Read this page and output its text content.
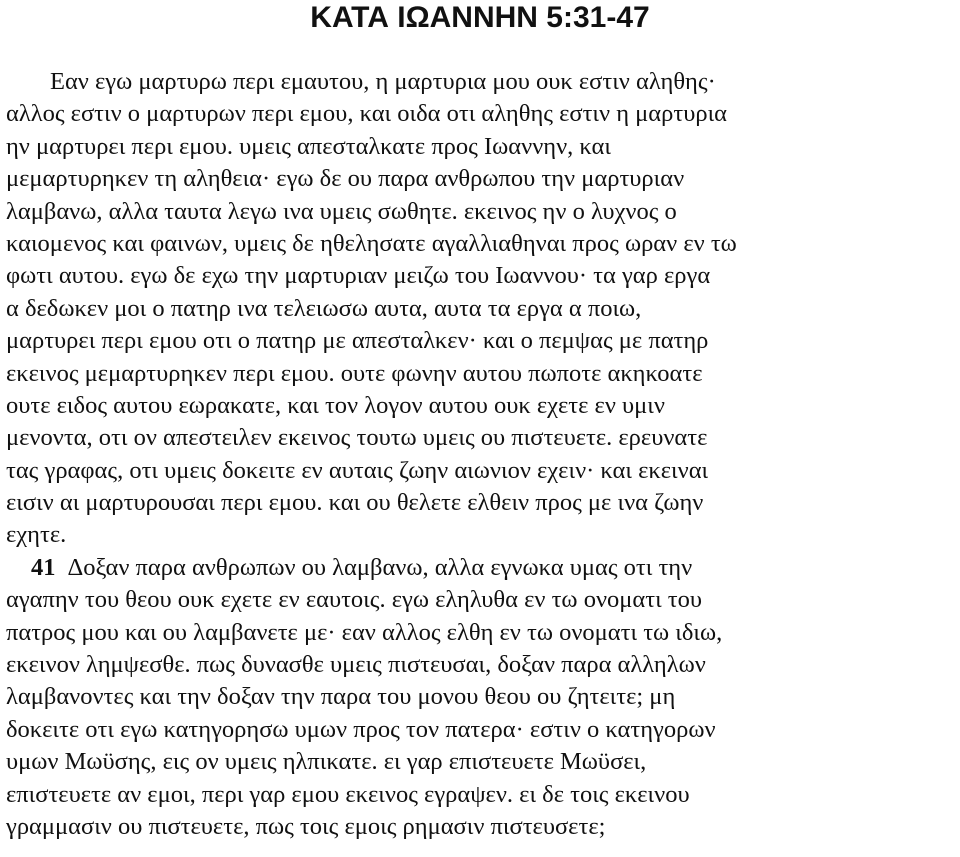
ΚΑΤΑ ΙΩΑΝΝΗΝ 5:31-47
Εαν εγω μαρτυρω περι εμαυτου, η μαρτυρια μου ουκ εστιν αληθης·
αλλος εστιν ο μαρτυρων περι εμου, και οιδα οτι αληθης εστιν η μαρτυρια
ην μαρτυρει περι εμου. υμεις απεσταλκατε προς Ιωαννην, και
μεμαρτυρηκεν τη αληθεια· εγω δε ου παρα ανθρωπου την μαρτυριαν
λαμβανω, αλλα ταυτα λεγω ινα υμεις σωθητε. εκεινος ην ο λυχνος ο
καιομενος και φαινων, υμεις δε ηθελησατε αγαλλιαθηναι προς ωραν εν τω
φωτι αυτου. εγω δε εχω την μαρτυριαν μειζω του Ιωαννου· τα γαρ εργα
α δεδωκεν μοι ο πατηρ ινα τελειωσω αυτα, αυτα τα εργα α ποιω,
μαρτυρει περι εμου οτι ο πατηρ με απεσταλκεν· και ο πεμψας με πατηρ
εκεινος μεμαρτυρηκεν περι εμου. ουτε φωνην αυτου πωποτε ακηκοατε
ουτε ειδος αυτου εωρακατε, και τον λογον αυτου ουκ εχετε εν υμιν
μενοντα, οτι ον απεστειλεν εκεινος τουτω υμεις ου πιστευετε. ερευνατε
τας γραφας, οτι υμεις δοκειτε εν αυταις ζωην αιωνιον εχειν· και εκειναι
εισιν αι μαρτυρουσαι περι εμου. και ου θελετε ελθειν προς με ινα ζωην
εχητε.
41 Δοξαν παρα ανθρωπων ου λαμβανω, αλλα εγνωκα υμας οτι την
αγαπην του θεου ουκ εχετε εν εαυτοις. εγω εληλυθα εν τω ονοματι του
πατρος μου και ου λαμβανετε με· εαν αλλος ελθη εν τω ονοματι τω ιδιω,
εκεινον λημψεσθε. πως δυνασθε υμεις πιστευσαι, δοξαν παρα αλληλων
λαμβανοντες και την δοξαν την παρα του μονου θεου ου ζητειτε; μη
δοκειτε οτι εγω κατηγορησω υμων προς τον πατερα· εστιν ο κατηγορων
υμων Μωϋσης, εις ον υμεις ηλπικατε. ει γαρ επιστευετε Μωϋσει,
επιστευετε αν εμοι, περι γαρ εμου εκεινος εγραψεν. ει δε τοις εκεινου
γραμμασιν ου πιστευετε, πως τοις εμοις ρημασιν πιστευσετε;
